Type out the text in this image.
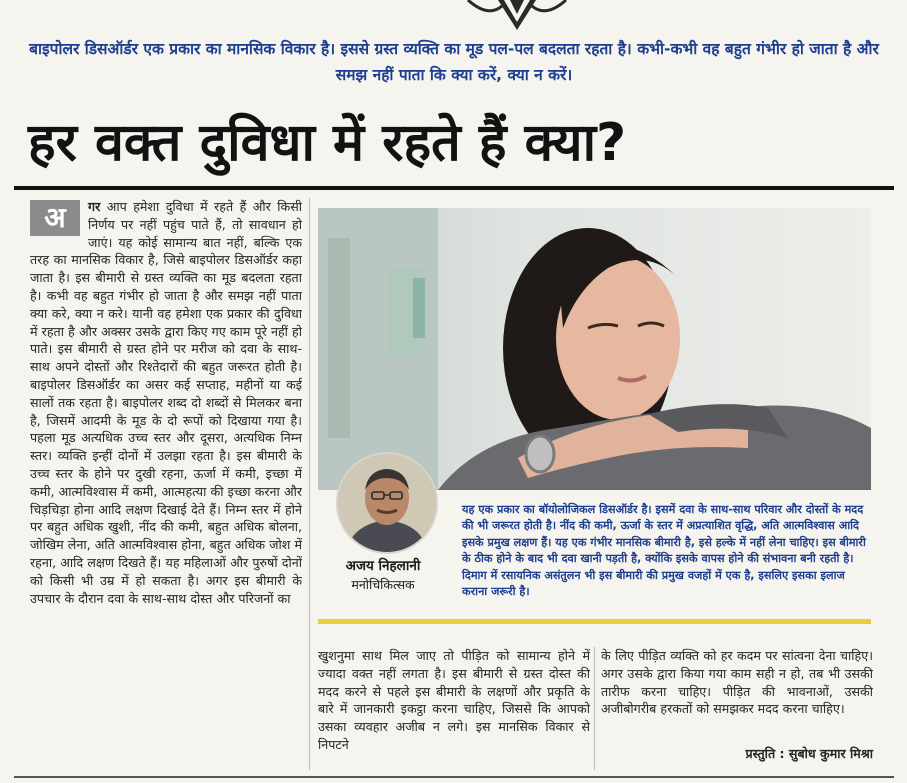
बाइपोलर डिसऑर्डर एक प्रकार का मानसिक विकार है। इससे ग्रस्त व्यक्ति का मूड पल-पल बदलता रहता है। कभी-कभी वह बहुत गंभीर हो जाता है और समझ नहीं पाता कि क्या करें, क्या न करें।
हर वक्त दुविधा में रहते हैं क्या?
अ	गर आप हमेशा दुविधा में रहते हैं और किसी निर्णय पर नहीं पहुंच पाते हैं, तो सावधान हो जाएं। यह कोई सामान्य बात नहीं, बल्कि एक तरह का मानसिक विकार है, जिसे बाइपोलर डिसऑर्डर कहा जाता है। इस बीमारी से ग्रस्त व्यक्ति का मूड बदलता रहता है। कभी वह बहुत गंभीर हो जाता है और समझ नहीं पाता क्या करे, क्या न करे। यानी वह हमेशा एक प्रकार की दुविधा में रहता है और अक्सर उसके द्वारा किए गए काम पूरे नहीं हो पाते। इस बीमारी से ग्रस्त होने पर मरीज को दवा के साथ-साथ अपने दोस्तों और रिश्तेदारों की बहुत जरूरत होती है। बाइपोलर डिसऑर्डर का असर कई सप्ताह, महीनों या कई सालों तक रहता है। बाइपोलर शब्द दो शब्दों से मिलकर बना है, जिसमें आदमी के मूड के दो रूपों को दिखाया गया है। पहला मूड अत्यधिक उच्च स्तर और दूसरा, अत्यधिक निम्न स्तर। व्यक्ति इन्हीं दोनों में उलझा रहता है। इस बीमारी के उच्च स्तर के होने पर दुखी रहना, ऊर्जा में कमी, इच्छा में कमी, आत्मविश्वास में कमी, आत्महत्या की इच्छा करना और चिड़चिड़ा होना आदि लक्षण दिखाई देते हैं। निम्न स्तर में होने पर बहुत अधिक खुशी, नींद की कमी, बहुत अधिक बोलना, जोखिम लेना, अति आत्मविश्वास होना, बहुत अधिक जोश में रहना, आदि लक्षण दिखते हैं। यह महिलाओं और पुरुषों दोनों को किसी भी उम्र में हो सकता है। अगर इस बीमारी के उपचार के दौरान दवा के साथ-साथ दोस्त और परिजनों का
अजय निहलानी
मनोचिकित्सक
यह एक प्रकार का बॉयोलोजिकल डिसऑर्डर है। इसमें दवा के साथ-साथ परिवार और दोस्तों के मदद की भी जरूरत होती है। नींद की कमी, ऊर्जा के स्तर में अप्रत्याशित वृद्धि, अति आत्मविश्वास आदि इसके प्रमुख लक्षण हैं। यह एक गंभीर मानसिक बीमारी है, इसे हल्के में नहीं लेना चाहिए। इस बीमारी के ठीक होने के बाद भी दवा खानी पड़ती है, क्योंकि इसके वापस होने की संभावना बनी रहती है। दिमाग में रसायनिक असंतुलन भी इस बीमारी की प्रमुख वजहों में एक है, इसलिए इसका इलाज कराना जरूरी है।
खुशनुमा साथ मिल जाए तो पीड़ित को सामान्य होने में ज्यादा वक्त नहीं लगता है। इस बीमारी से ग्रस्त दोस्त की मदद करने से पहले इस बीमारी के लक्षणों और प्रकृति के बारे में जानकारी इकट्ठा करना चाहिए, जिससे कि आपको उसका व्यवहार अजीब न लगे। इस मानसिक विकार से निपटने
के लिए पीड़ित व्यक्ति को हर कदम पर सांत्वना देना चाहिए। अगर उसके द्वारा किया गया काम सही न हो, तब भी उसकी तारीफ करना चाहिए। पीड़ित की भावनाओं, उसकी अजीबोगरीब हरकतों को समझकर मदद करना चाहिए।
प्रस्तुति : सुबोध कुमार मिश्रा
